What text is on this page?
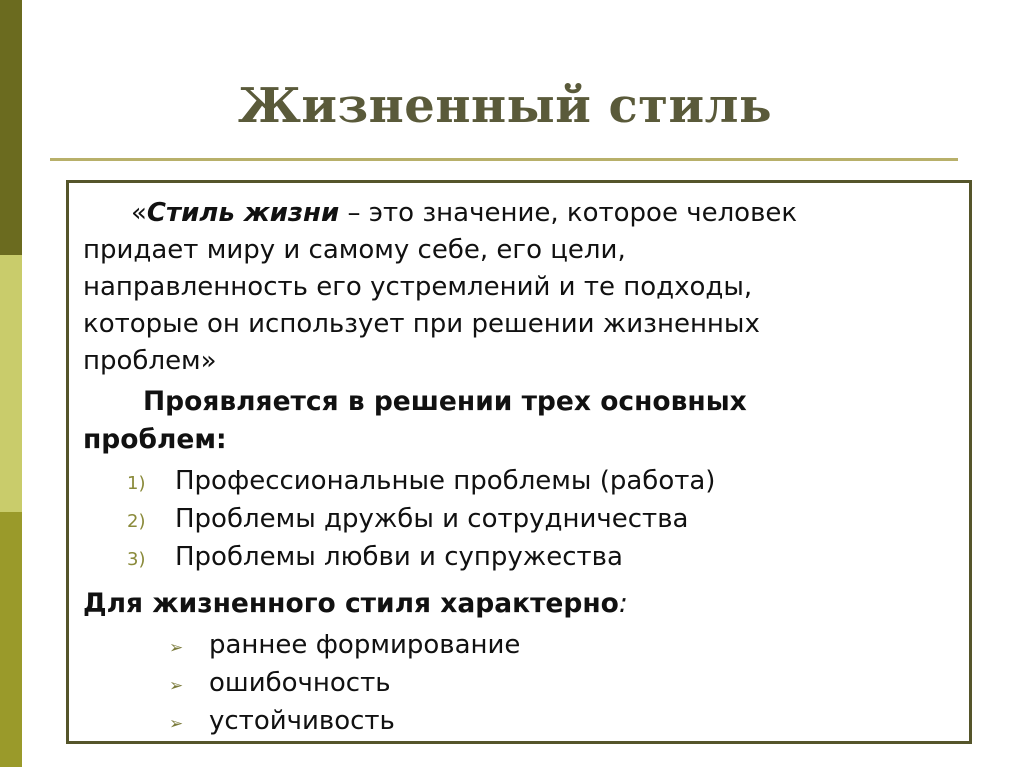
Жизненный стиль
«Стиль жизни – это значение, которое человек
придает миру и самому себе, его цели,
направленность его устремлений и те подходы,
которые он использует при решении жизненных
проблем»
Проявляется в решении трех основных
проблем:
1) Профессиональные проблемы (работа)
2) Проблемы дружбы и сотрудничества
3) Проблемы любви и супружества
Для жизненного стиля характерно:
➢ раннее формирование
➢ ошибочность
➢ устойчивость
